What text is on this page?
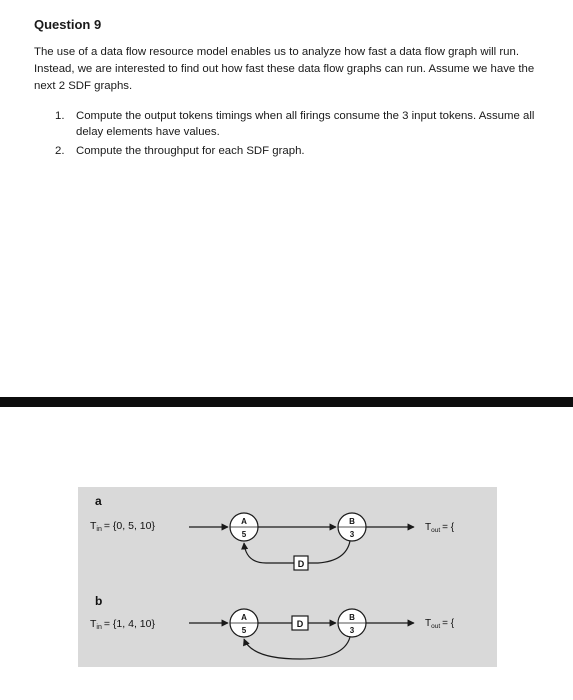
Question 9

The use of a data flow resource model enables us to analyze how fast a data flow graph will run. Instead, we are interested to find out how fast these data flow graphs can run. Assume we have the next 2 SDF graphs.

1. Compute the output tokens timings when all firings consume the 3 input tokens. Assume all delay elements have values.
2. Compute the throughput for each SDF graph.
a
Tin = {0, 5, 10}	A
5
B
3
$T_{out}$ = {
D
b
Tin = {1, 4, 10}
A
5
D
B
3
$T_{out}$ = {
